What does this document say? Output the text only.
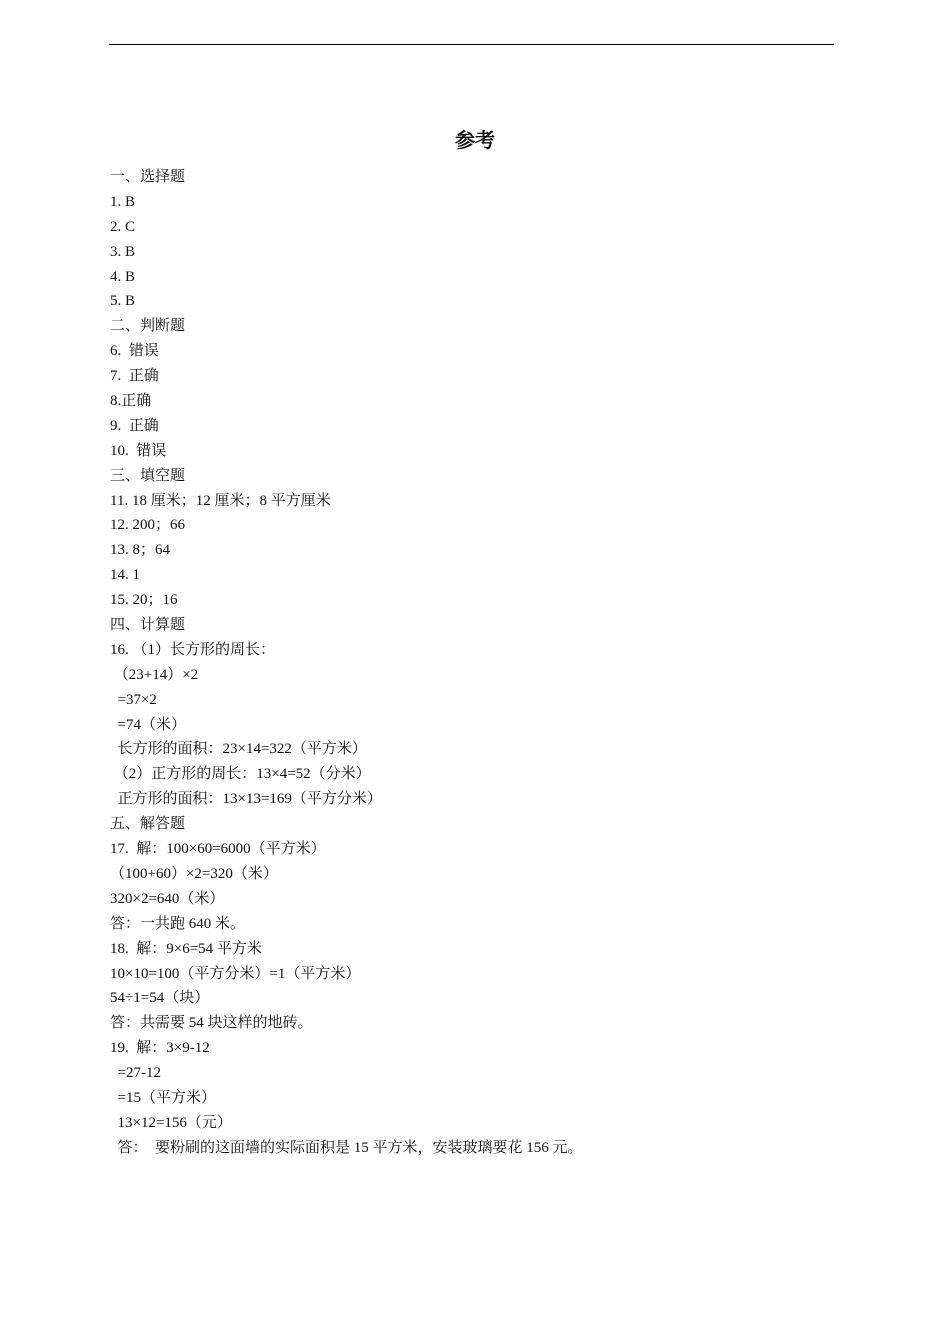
参考
一、选择题
1. B
2. C
3. B
4. B
5. B
二、判断题
6.  错误
7.  正确
8.正确
9.  正确
10.  错误
三、填空题
11. 18 厘米；12 厘米；8 平方厘米
12. 200；66
13. 8；64
14. 1
15. 20；16
四、计算题
16. （1）长方形的周长：
（23+14）×2
=37×2
=74（米）
长方形的面积：23×14=322（平方米）
（2）正方形的周长：13×4=52（分米）
正方形的面积：13×13=169（平方分米）
五、解答题
17.  解：100×60=6000（平方米）
（100+60）×2=320（米）
320×2=640（米）
答：一共跑 640 米。
18.  解：9×6=54 平方米
10×10=100（平方分米）=1（平方米）
54÷1=54（块）
答：共需要 54 块这样的地砖。
19.  解：3×9-12
=27-12
=15（平方米）
13×12=156（元）
答：  要粉刷的这面墙的实际面积是 15 平方米，安装玻璃要花 156 元。
